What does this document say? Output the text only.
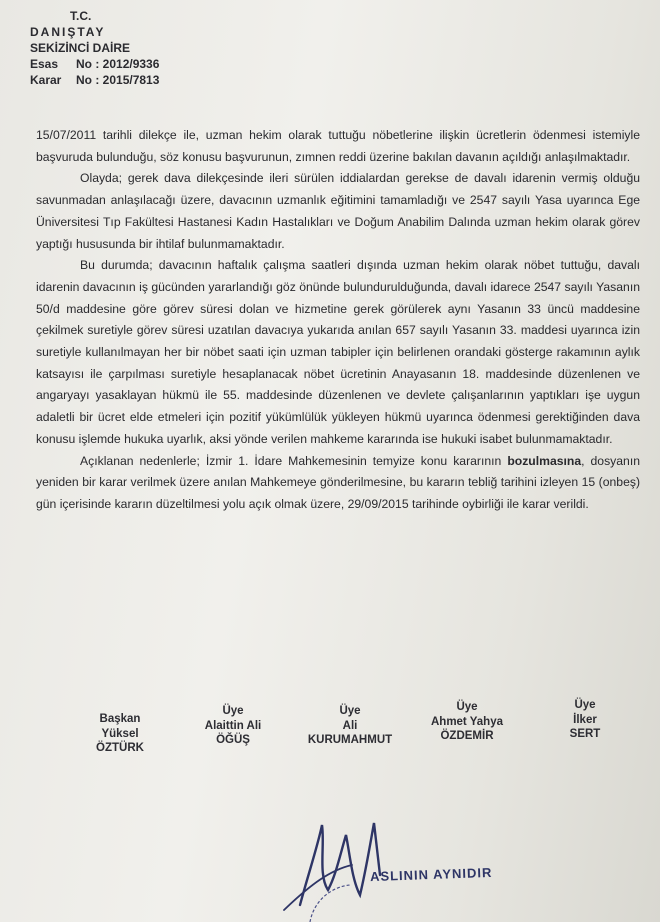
T.C.
DANIŞTAY
SEKİZİNCİ DAİRE
Esas No : 2012/9336
Karar No : 2015/7813

15/07/2011 tarihli dilekçe ile, uzman hekim olarak tuttuğu nöbetlerine ilişkin ücretlerin ödenmesi istemiyle başvuruda bulunduğu, söz konusu başvurunun, zımnen reddi üzerine bakılan davanın açıldığı anlaşılmaktadır.

Olayda; gerek dava dilekçesinde ileri sürülen iddialardan gerekse de davalı idarenin vermiş olduğu savunmadan anlaşılacağı üzere, davacının uzmanlık eğitimini tamamladığı ve 2547 sayılı Yasa uyarınca Ege Üniversitesi Tıp Fakültesi Hastanesi Kadın Hastalıkları ve Doğum Anabilim Dalında uzman hekim olarak görev yaptığı hususunda bir ihtilaf bulunmamaktadır.

Bu durumda; davacının haftalık çalışma saatleri dışında uzman hekim olarak nöbet tuttuğu, davalı idarenin davacının iş gücünden yararlandığı göz önünde bulundurulduğunda, davalı idarece 2547 sayılı Yasanın 50/d maddesine göre görev süresi dolan ve hizmetine gerek görülerek aynı Yasanın 33 üncü maddesine çekilmek suretiyle görev süresi uzatılan davacıya yukarıda anılan 657 sayılı Yasanın 33. maddesi uyarınca izin suretiyle kullanılmayan her bir nöbet saati için uzman tabipler için belirlenen orandaki gösterge rakamının aylık katsayısı ile çarpılması suretiyle hesaplanacak nöbet ücretinin Anayasanın 18. maddesinde düzenlenen ve angaryayı yasaklayan hükmü ile 55. maddesinde düzenlenen ve devlete çalışanlarının yaptıkları işe uygun adaletli bir ücret elde etmeleri için pozitif yükümlülük yükleyen hükmü uyarınca ödenmesi gerektiğinden dava konusu işlemde hukuka uyarlık, aksi yönde verilen mahkeme kararında ise hukuki isabet bulunmamaktadır.

Açıklanan nedenlerle; İzmir 1. İdare Mahkemesinin temyize konu kararının bozulmasına, dosyanın yeniden bir karar verilmek üzere anılan Mahkemeye gönderilmesine, bu kararın tebliğ tarihini izleyen 15 (onbeş) gün içerisinde kararın düzeltilmesi yolu açık olmak üzere, 29/09/2015 tarihinde oybirliği ile karar verildi.

Başkan
Yüksel
ÖZTÜRK
Üye
Alaittin Ali
ÖĞÜŞ
Üye
Ali
KURUMAHMUT
Üye
Ahmet Yahya
ÖZDEMİR
Üye
İlker
SERT
ASLININ AYNIDIR
